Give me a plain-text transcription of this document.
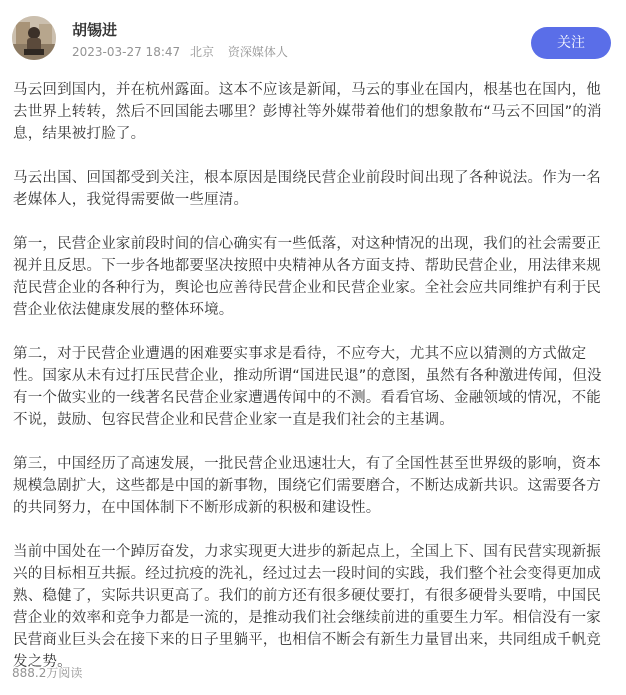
胡锡进
2023-03-27 18:47 北京 资深媒体人
关注

马云回到国内，并在杭州露面。这本不应该是新闻，马云的事业在国内，根基也在国内，他去世界上转转，然后不回国能去哪里？彭博社等外媒带着他们的想象散布“马云不回国”的消息，结果被打脸了。

马云出国、回国都受到关注，根本原因是围绕民营企业前段时间出现了各种说法。作为一名老媒体人，我觉得需要做一些厘清。

第一，民营企业家前段时间的信心确实有一些低落，对这种情况的出现，我们的社会需要正视并且反思。下一步各地都要坚决按照中央精神从各方面支持、帮助民营企业，用法律来规范民营企业的各种行为，舆论也应善待民营企业和民营企业家。全社会应共同维护有利于民营企业依法健康发展的整体环境。

第二，对于民营企业遭遇的困难要实事求是看待，不应夸大，尤其不应以猜测的方式做定性。国家从未有过打压民营企业，推动所谓“国进民退”的意图，虽然有各种激进传闻，但没有一个做实业的一线著名民营企业家遭遇传闻中的不测。看看官场、金融领域的情况，不能不说，鼓励、包容民营企业和民营企业家一直是我们社会的主基调。

第三，中国经历了高速发展，一批民营企业迅速壮大，有了全国性甚至世界级的影响，资本规模急剧扩大，这些都是中国的新事物，围绕它们需要磨合，不断达成新共识。这需要各方的共同努力，在中国体制下不断形成新的积极和建设性。

当前中国处在一个踔厉奋发，力求实现更大进步的新起点上，全国上下、国有民营实现新振兴的目标相互共振。经过抗疫的洗礼，经过过去一段时间的实践，我们整个社会变得更加成熟、稳健了，实际共识更高了。我们的前方还有很多硬仗要打，有很多硬骨头要啃，中国民营企业的效率和竞争力都是一流的，是推动我们社会继续前进的重要生力军。相信没有一家民营商业巨头会在接下来的日子里躺平，也相信不断会有新生力量冒出来，共同组成千帆竞发之势。

888.2万阅读
